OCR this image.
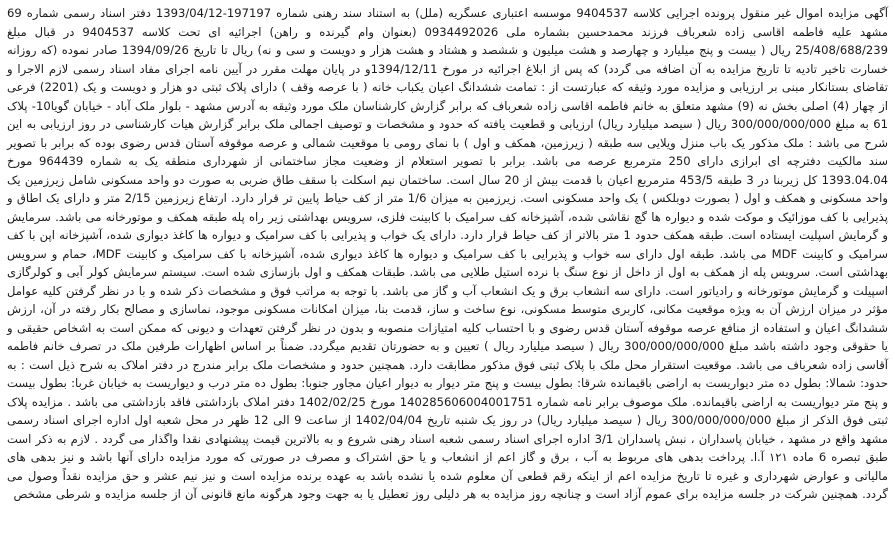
آگهی مزایده اموال غیر منقول پرونده اجرایی کلاسه 9404537 موسسه اعتباری عسگریه (ملل) به استناد سند رهنی شماره 197197-1393/04/12 دفتر اسناد رسمی شماره 69 مشهد علیه فاطمه اقاسی زاده شعرباف فرزند محمدحسین بشماره ملی 0934492026 (بعنوان وام گیرنده و راهن) اجرائیه ای تحت کلاسه 9404537 در قبال مبلغ 25/408/688/239 ریال ( بیست و پنج میلیارد و چهارصد و هشت میلیون و ششصد و هشتاد و هشت هزار و دویست و سی و نه) ریال تا تاریخ 1394/09/26 صادر نموده (که روزانه خسارت تاخیر تادیه تا تاریخ مزایده به آن اضافه می گردد) که پس از ابلاغ اجرائیه در مورخ 1394/12/11و در پایان مهلت مقرر در آیین نامه اجرای مفاد اسناد رسمی لازم الاجرا و تقاضای بستانکار مبنی بر ارزیابی و مزایده مورد وثیقه که عبارتست از : تمامت ششدانگ اعیان یکباب خانه ( با عرصه وقف ) دارای پلاک ثبتی دو هزار و دویست و یک (2201) فرعی از چهار (4) اصلی بخش نه (9) مشهد متعلق به خانم فاطمه اقاسی زاده شعرباف که برابر گزارش کارشناسان ملک مورد وثیقه به آدرس مشهد - بلوار ملک آباد - خیابان گویا10- پلاک 61 به مبلغ 300/000/000/000 ریال ( سیصد میلیارد ریال) ارزیابی و قطعیت یافته که حدود و مشخصات و توصیف اجمالی ملک برابر گزارش هیات کارشناسی در روز ارزیابی به این شرح می باشد : ملک مذکور یک باب منزل ویلایی سه طبقه ( زیرزمین، همکف و اول ) با نمای رومی با موقعیت شمالی و عرصه موقوفه آستان قدس رضوی بوده که برابر با تصویر سند مالکیت دفترچه ای ابرازی دارای 250 مترمربع عرصه می باشد. برابر با تصویر استعلام از وضعیت مجاز ساختمانی از شهرداری منطقه یک به شماره 964439 مورخ 1393.04.04 کل زیربنا در 3 طبقه 453/5 مترمربع اعیان با قدمت بیش از 20 سال است. ساختمان نیم اسکلت با سقف طاق ضربی به صورت دو واحد مسکونی شامل زیرزمین یک واحد مسکونی و همکف و اول ( بصورت دوبلکس ) یک واحد مسکونی است. زیرزمین به میزان 1/6 متر از کف حیاط پایین تر قرار دارد. ارتفاع زیرزمین 2/15 متر و دارای یک اطاق و پذیرایی با کف موزائیک و موکت شده و دیواره ها گچ نقاشی شده، آشپزخانه کف سرامیک با کابینت فلزی، سرویس بهداشتی زیر راه پله طبقه همکف و موتورخانه می باشد. سرمایش و گرمایش اسپلیت ایستاده است. طبقه همکف حدود 1 متر بالاتر از کف حیاط قرار دارد. دارای یک خواب و پذیرایی با کف سرامیک و دیواره ها کاغذ دیواری شده، آشپزخانه اپن با کف سرامیک و کابینت MDF می باشد. طبقه اول دارای سه خواب و پذیرایی با کف سرامیک و دیواره ها کاغذ دیواری شده، آشپزخانه با کف سرامیک و کابینت MDF، حمام و سرویس بهداشتی است. سرویس پله از همکف به اول از داخل از نوع سنگ با نرده استیل طلایی می باشد. طبقات همکف و اول بازسازی شده است. سیستم سرمایش کولر آبی و کولرگازی اسپیلت و گرمایش موتورخانه و رادیاتور است. دارای سه انشعاب برق و یک انشعاب آب و گاز می باشد. با توجه به مراتب فوق و مشخصات ذکر شده و با در نظر گرفتن کلیه عوامل مؤثر در میزان ارزش آن به ویژه موقعیت مکانی، کاربری متوسط مسکونی، نوع ساخت و ساز، قدمت بنا، میزان امکانات مسکونی موجود، نماسازی و مصالح بکار رفته در آن، ارزش ششدانگ اعیان و استفاده از منافع عرصه موقوفه آستان قدس رضوی و با احتساب کلیه امتیازات منصوبه و بدون در نظر گرفتن تعهدات و دیونی که ممکن است به اشخاص حقیقی و یا حقوقی وجود داشته باشد مبلغ 300/000/000/000 ریال ( سیصد میلیارد ریال ) تعیین و به حضورتان تقدیم میگردد. ضمناً بر اساس اظهارات طرفین ملک در تصرف خانم فاطمه آقاسی زاده شعرباف می باشد. موقعیت استقرار محل ملک با پلاک ثبتی فوق مذکور مطابقت دارد. همچنین حدود و مشخصات ملک برابر مندرج در دفتر املاک به شرح ذیل است : به حدود: شمالا: بطول ده متر دیواریست به اراضی باقیمانده شرقا: بطول بیست و پنج متر دیوار به دیوار اعیان مجاور جنوبا: بطول ده متر درب و دیواریست به خیابان غربا: بطول بیست و پنج متر دیواریست به اراضی باقیمانده. ملک موصوف برابر نامه شماره 140285606004001751 مورخ 1402/02/25 دفتر املاک بازداشتی فاقد بازداشتی می باشد . مزایده پلاک ثبتی فوق الذکر از مبلغ 300/000/000/000 ریال ( سیصد میلیارد ریال) در روز یک شنبه تاریخ 1402/04/04 از ساعت 9 الی 12 ظهر در محل شعبه اول اداره اجرای اسناد رسمی مشهد واقع در مشهد ، خیابان پاسداران ، نبش پاسداران 3/1 اداره اجرای اسناد رسمی شعبه اسناد رهنی شروع و به بالاترین قیمت پیشنهادی نقدا واگذار می گردد . لازم به ذکر است طبق تبصره 6 ماده ۱۲۱ آ.ا. پرداخت بدهی های مربوط به آب ، برق و گاز اعم از انشعاب و یا حق اشتراک و مصرف در صورتی که مورد مزایده دارای آنها باشد و نیز بدهی های مالیاتی و عوارض شهرداری و غیره تا تاریخ مزایده اعم از اینکه رقم قطعی آن معلوم شده یا نشده باشد به عهده برنده مزایده است و نیز نیم عشر و حق مزایده نقداً وصول می گردد. همچنین شرکت در جلسه مزایده برای عموم آزاد است و چنانچه روز مزایده به هر دلیلی روز تعطیل یا به جهت وجود هرگونه مانع قانونی آن از جلسه مزایده و شرطی مشخص
